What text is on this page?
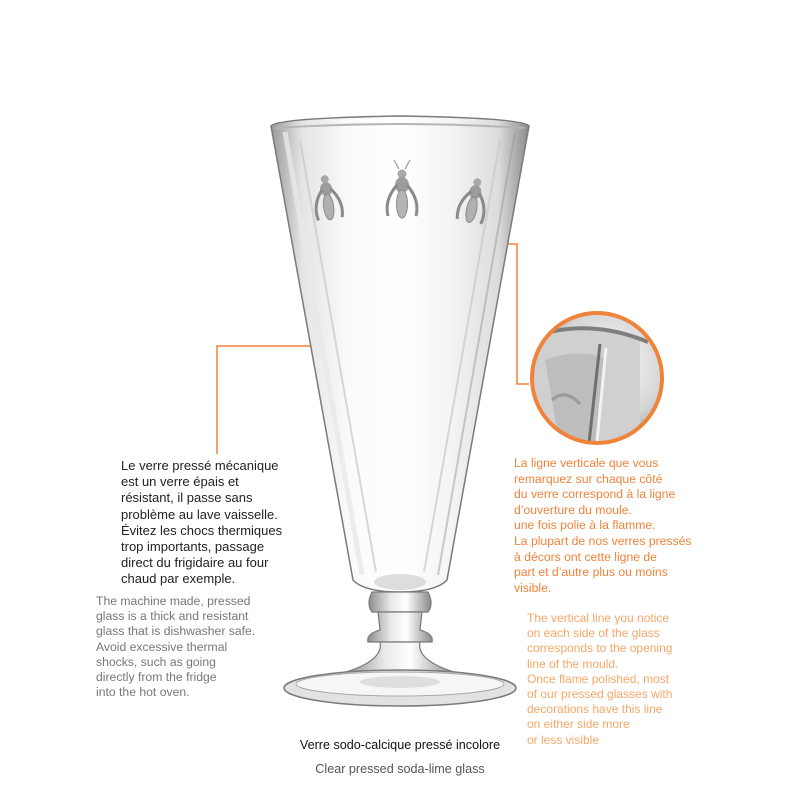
Le verre pressé mécanique
est un verre épais et
résistant, il passe sans
problème au lave vaisselle.
Évitez les chocs thermiques
trop importants, passage
direct du frigidaire au four
chaud par exemple.
The machine made, pressed
glass is a thick and resistant
glass that is dishwasher safe.
Avoid excessive thermal
shocks, such as going
directly from the fridge
into the hot oven.
La ligne verticale que vous
remarquez sur chaque côté
du verre correspond à la ligne
d’ouverture du moule.
une fois polie à la flamme.
La plupart de nos verres pressés
à décors ont cette ligne de
part et d’autre plus ou moins
visible.
The vertical line you notice
on each side of the glass
corresponds to the opening
line of the mould.
Once flame polished, most
of our pressed glasses with
decorations have this line
on either side more
or less visible
Verre sodo-calcique pressé incolore
Clear pressed soda-lime glass
